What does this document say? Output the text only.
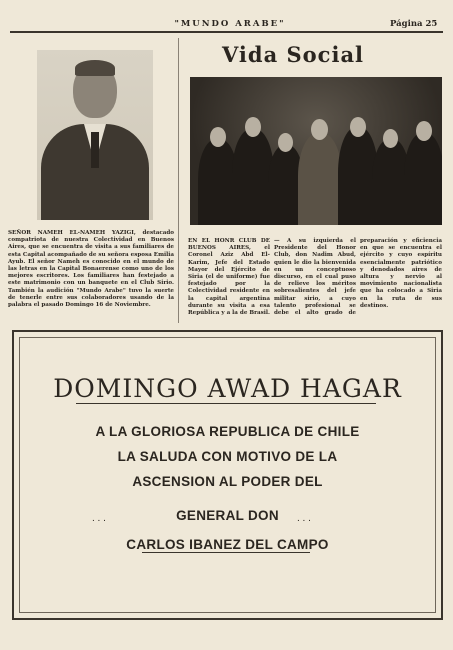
"MUNDO ARABE"	Página 25
SEÑOR NAMEH EL-NAMEH YAZIGI, destacado compatriota de nuestra Colectividad en Buenos Aires, que se encuentra de visita a sus familiares de esta Capital acompañado de su señora esposa Emilia Ayub. El señor Nameh es conocido en el mundo de las letras en la Capital Bonaerense como uno de los mejores escritores. Los familiares han festejado a este matrimonio con un banquete en el Club Sirio. También la audición "Mundo Arabe" tuvo la suerte de tenerle entre sus colaboradores usando de la palabra el pasado Domingo 16 de Noviembre.
Vida Social
EN EL HONR CLUB DE BUENOS AIRES, el Coronel Aziz Abd El-Karim, Jefe del Estado Mayor del Ejército de Siria (el de uniforme) fue festejado por la Colectividad residente en la capital argentina durante su visita a esa República y a la de Brasil.— A su izquierda el Presidente del Honor Club, don Nadim Abud, quien le dio la bienvenida en un conceptuoso discurso, en el cual puso de relieve los méritos sobresalientes del jefe militar sirio, a cuyo talento profesional se debe el alto grado de preparación y eficiencia en que se encuentra el ejército y cuyo espíritu esencialmente patriótico y denodados aires de altura y nervio al movimiento nacionalista que ha colocado a Siria en la ruta de sus destinos.
DOMINGO AWAD HAGAR
A LA GLORIOSA REPUBLICA DE CHILE
LA SALUDA CON MOTIVO DE LA
ASCENSION AL PODER DEL
. . .	GENERAL DON	. . .
CARLOS IBANEZ DEL CAMPO
